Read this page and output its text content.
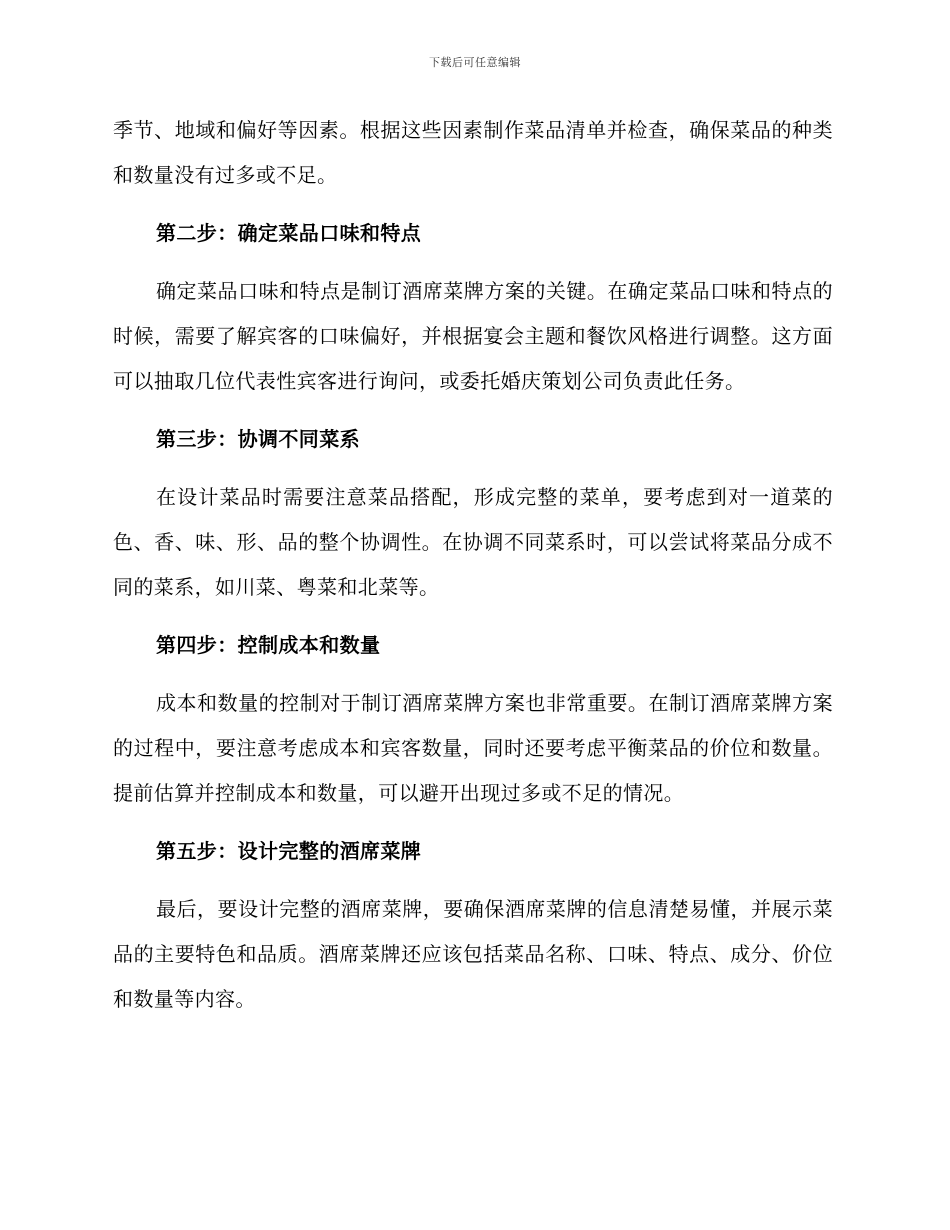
下载后可任意编辑

季节、地域和偏好等因素。根据这些因素制作菜品清单并检查，确保菜品的种类和数量没有过多或不足。

第二步：确定菜品口味和特点

确定菜品口味和特点是制订酒席菜牌方案的关键。在确定菜品口味和特点的时候，需要了解宾客的口味偏好，并根据宴会主题和餐饮风格进行调整。这方面可以抽取几位代表性宾客进行询问，或委托婚庆策划公司负责此任务。

第三步：协调不同菜系

在设计菜品时需要注意菜品搭配，形成完整的菜单，要考虑到对一道菜的色、香、味、形、品的整个协调性。在协调不同菜系时，可以尝试将菜品分成不同的菜系，如川菜、粤菜和北菜等。

第四步：控制成本和数量

成本和数量的控制对于制订酒席菜牌方案也非常重要。在制订酒席菜牌方案的过程中，要注意考虑成本和宾客数量，同时还要考虑平衡菜品的价位和数量。提前估算并控制成本和数量，可以避开出现过多或不足的情况。

第五步：设计完整的酒席菜牌

最后，要设计完整的酒席菜牌，要确保酒席菜牌的信息清楚易懂，并展示菜品的主要特色和品质。酒席菜牌还应该包括菜品名称、口味、特点、成分、价位和数量等内容。
